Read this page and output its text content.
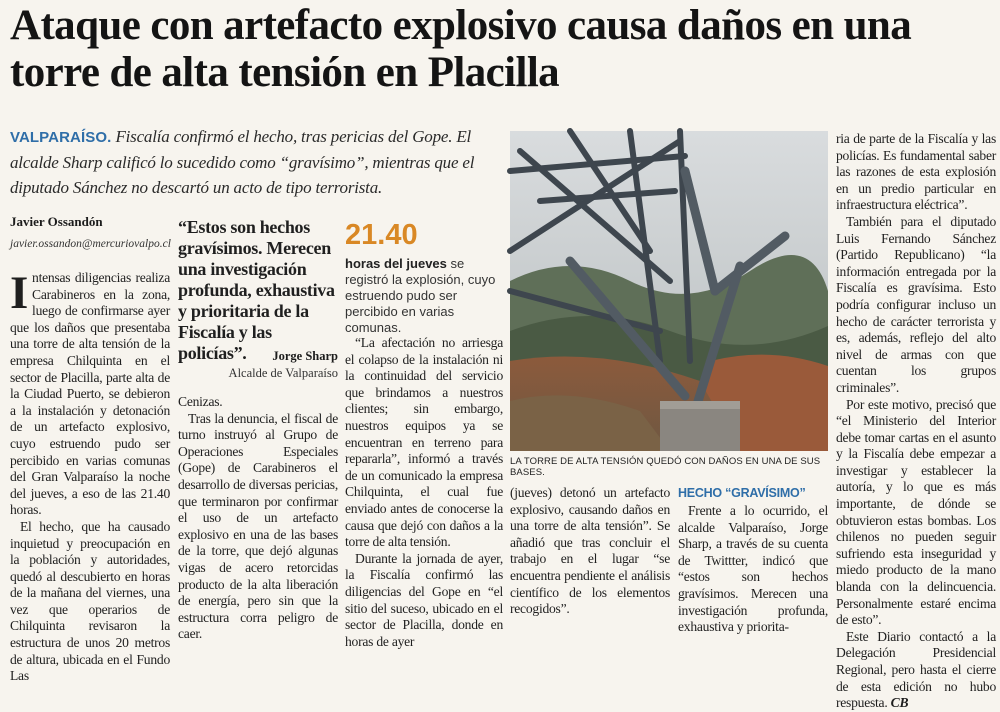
Ataque con artefacto explosivo causa daños en una torre de alta tensión en Placilla

VALPARAÍSO. Fiscalía confirmó el hecho, tras pericias del Gope. El alcalde Sharp calificó lo sucedido como “gravísimo”, mientras que el diputado Sánchez no descartó un acto de tipo terrorista.

Javier Ossandón
javier.ossandon@mercuriovalpo.cl

Intensas diligencias realiza Carabineros en la zona, luego de confirmarse ayer que los daños que presentaba una torre de alta tensión de la empresa Chilquinta en el sector de Placilla, parte alta de la Ciudad Puerto, se debieron a la instalación y detonación de un artefacto explosivo, cuyo estruendo pudo ser percibido en varias comunas del Gran Valparaíso la noche del jueves, a eso de las 21.40 horas.

El hecho, que ha causado inquietud y preocupación en la población y autoridades, quedó al descubierto en horas de la mañana del viernes, una vez que operarios de Chilquinta revisaron la estructura de unos 20 metros de altura, ubicada en el Fundo Las

“Estos son hechos gravísimos. Merecen una investigación profunda, exhaustiva y prioritaria de la Fiscalía y las policías”.	Jorge Sharp
Alcalde de Valparaíso

Cenizas.

Tras la denuncia, el fiscal de turno instruyó al Grupo de Operaciones Especiales (Gope) de Carabineros el desarrollo de diversas pericias, que terminaron por confirmar el uso de un artefacto explosivo en una de las bases de la torre, que dejó algunas vigas de acero retorcidas producto de la alta liberación de energía, pero sin que la estructura corra peligro de caer.

21.40
horas del jueves se registró la explosión, cuyo estruendo pudo ser percibido en varias comunas.

“La afectación no arriesga el colapso de la instalación ni la continuidad del servicio que brindamos a nuestros clientes; sin embargo, nuestros equipos ya se encuentran en terreno para repararla”, informó a través de un comunicado la empresa Chilquinta, el cual fue enviado antes de conocerse la causa que dejó con daños a la torre de alta tensión.

Durante la jornada de ayer, la Fiscalía confirmó las diligencias del Gope en “el sitio del suceso, ubicado en el sector de Placilla, donde en horas de ayer

LA TORRE DE ALTA TENSIÓN QUEDÓ CON DAÑOS EN UNA DE SUS BASES.

(jueves) detonó un artefacto explosivo, causando daños en una torre de alta tensión”. Se añadió que tras concluir el trabajo en el lugar “se encuentra pendiente el análisis científico de los elementos recogidos”.

HECHO “GRAVÍSIMO”

Frente a lo ocurrido, el alcalde Valparaíso, Jorge Sharp, a través de su cuenta de Twittter, indicó que “estos son hechos gravísimos. Merecen una investigación profunda, exhaustiva y priorita-

ria de parte de la Fiscalía y las policías. Es fundamental saber las razones de esta explosión en un predio particular en infraestructura eléctrica”.

También para el diputado Luis Fernando Sánchez (Partido Republicano) “la información entregada por la Fiscalía es gravísima. Esto podría configurar incluso un hecho de carácter terrorista y es, además, reflejo del alto nivel de armas con que cuentan los grupos criminales”.

Por este motivo, precisó que “el Ministerio del Interior debe tomar cartas en el asunto y la Fiscalía debe empezar a investigar y establecer la autoría, y lo que es más importante, de dónde se obtuvieron estas bombas. Los chilenos no pueden seguir sufriendo esta inseguridad y miedo producto de la mano blanda con la delincuencia. Personalmente estaré encima de esto”.

Este Diario contactó a la Delegación Presidencial Regional, pero hasta el cierre de esta edición no hubo respuesta. CB
